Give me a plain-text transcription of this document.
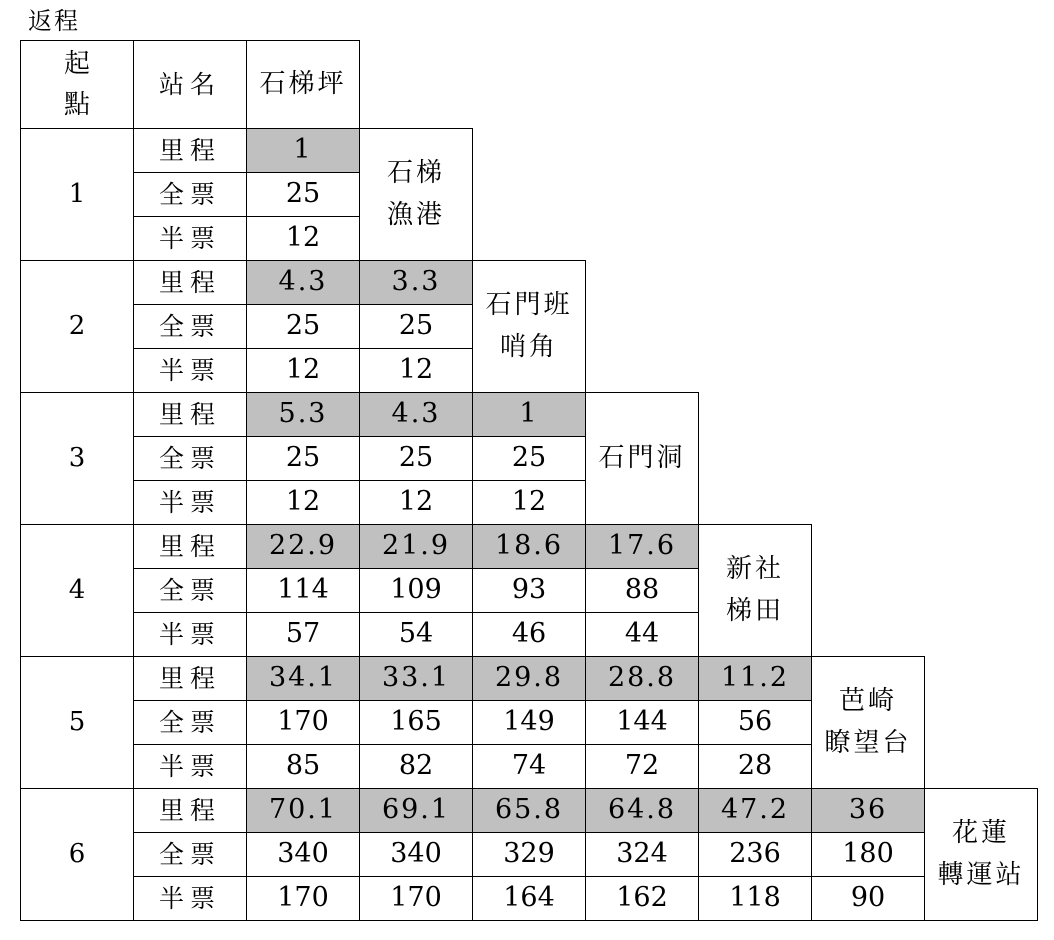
返程
起
點	站名	石梯坪						
1	里程	1	石梯
漁港					
	全票	25						
	半票	12						
2	里程	4.3	3.3	石門班
哨角				
	全票	25	25					
	半票	12	12					
3	里程	5.3	4.3	1	石門洞			
	全票	25	25	25				
	半票	12	12	12				
4	里程	22.9	21.9	18.6	17.6	新社
梯田		
	全票	114	109	93	88			
	半票	57	54	46	44			
5	里程	34.1	33.1	29.8	28.8	11.2	芭崎
瞭望台	
	全票	170	165	149	144	56		
	半票	85	82	74	72	28		
6	里程	70.1	69.1	65.8	64.8	47.2	36	花蓮
轉運站
	全票	340	340	329	324	236	180	
	半票	170	170	164	162	118	90	
